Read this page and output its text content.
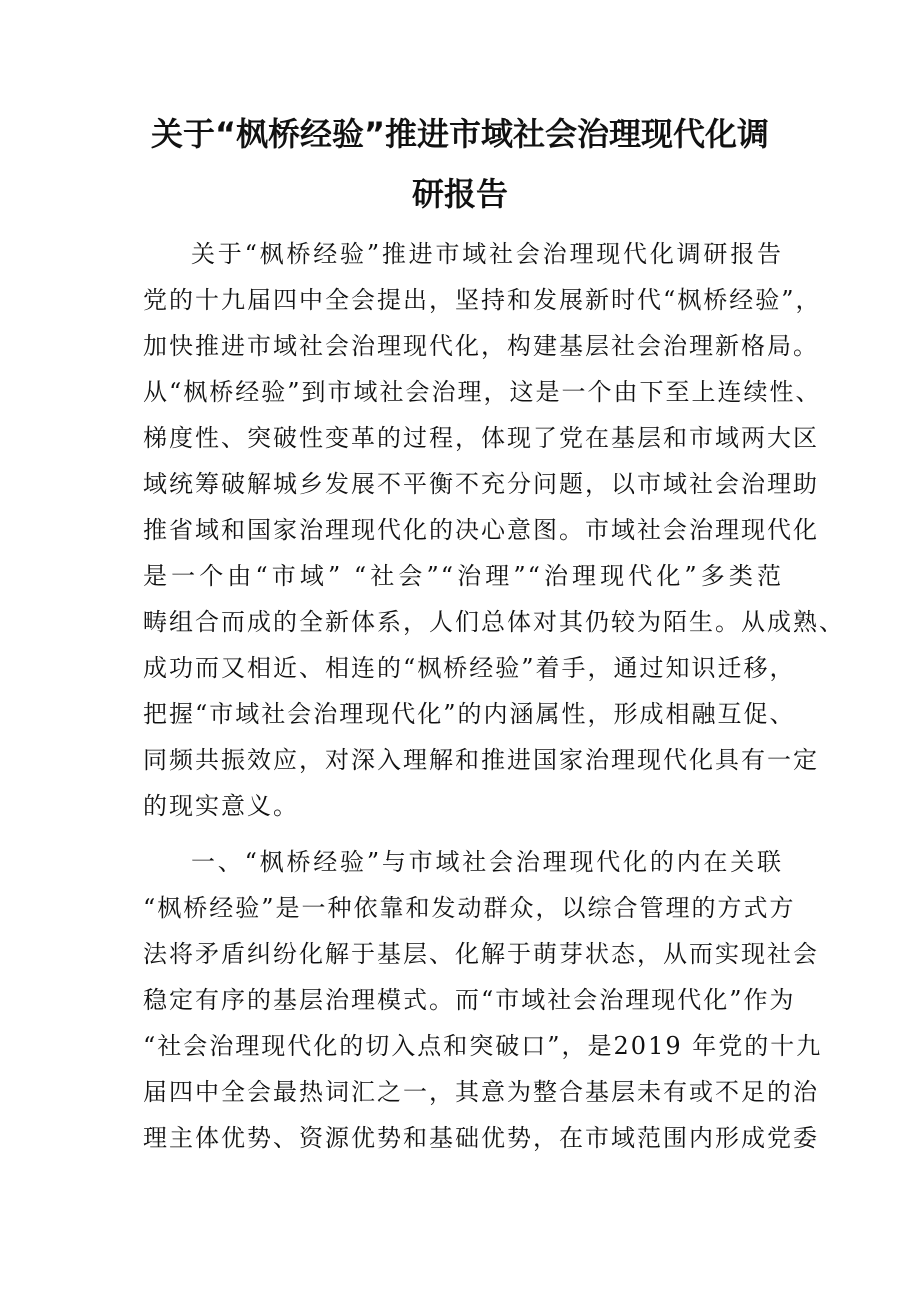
关于“枫桥经验”推进市域社会治理现代化调
研报告

关于“枫桥经验”推进市域社会治理现代化调研报告

党的十九届四中全会提出，坚持和发展新时代“枫桥经验”，

加快推进市域社会治理现代化，构建基层社会治理新格局。

从“枫桥经验”到市域社会治理，这是一个由下至上连续性、

梯度性、突破性变革的过程，体现了党在基层和市域两大区

域统筹破解城乡发展不平衡不充分问题，以市域社会治理助

推省域和国家治理现代化的决心意图。市域社会治理现代化

是一个由“市域” “社会”“治理”“治理现代化”多类范

畴组合而成的全新体系，人们总体对其仍较为陌生。从成熟、

成功而又相近、相连的“枫桥经验”着手，通过知识迁移，

把握“市域社会治理现代化”的内涵属性，形成相融互促、

同频共振效应，对深入理解和推进国家治理现代化具有一定

的现实意义。

一、“枫桥经验”与市域社会治理现代化的内在关联

“枫桥经验”是一种依靠和发动群众，以综合管理的方式方

法将矛盾纠纷化解于基层、化解于萌芽状态，从而实现社会

稳定有序的基层治理模式。而“市域社会治理现代化”作为

“社会治理现代化的切入点和突破口”，是2019 年党的十九

届四中全会最热词汇之一，其意为整合基层未有或不足的治

理主体优势、资源优势和基础优势，在市域范围内形成党委
